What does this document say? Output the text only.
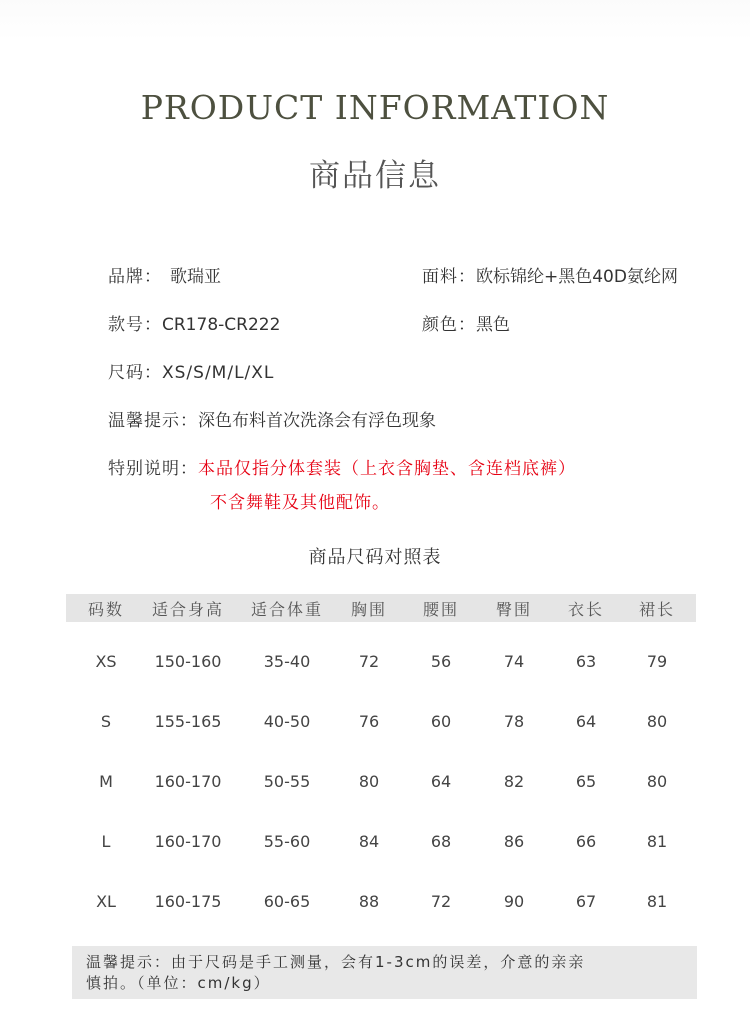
PRODUCT INFORMATION
商品信息
品牌： 歌瑞亚	面料：欧标锦纶+黑色40D氨纶网
款号：CR178-CR222	颜色：黑色
尺码：XS/S/M/L/XL
温馨提示：深色布料首次洗涤会有浮色现象
特别说明：本品仅指分体套装（上衣含胸垫、含连档底裤）
不含舞鞋及其他配饰。
商品尺码对照表
码数 适合身高 适合体重 胸围 腰围 臀围 衣长 裙长
XS 150-160	35-40	72	56	74	63	79
S	155-165	40-50	76	60	78	64	80
M	160-170	50-55	80	64	82	65	80
L	160-170	55-60	84	68	86	66	81
XL 160-175	60-65	88	72	90	67	81
温馨提示：由于尺码是手工测量，会有1-3cm的误差，介意的亲亲
慎拍。（单位：cm/kg）
